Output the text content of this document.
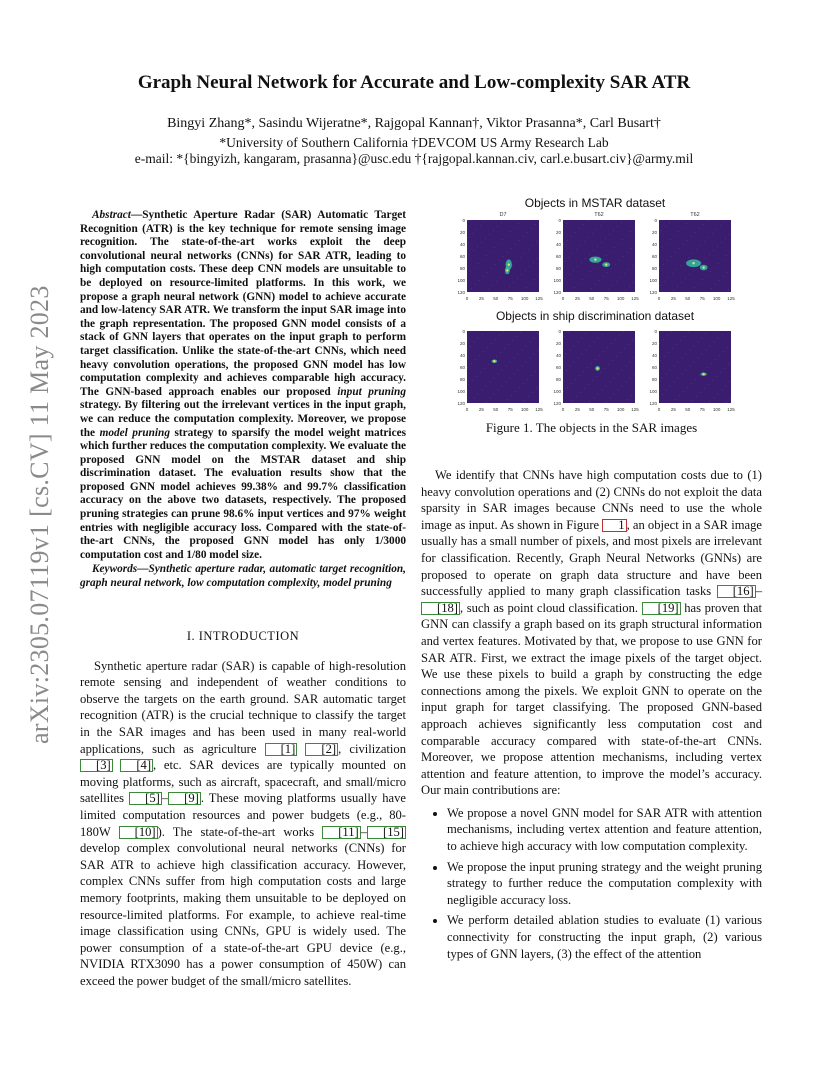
arXiv:2305.07119v1 [cs.CV] 11 May 2023
Graph Neural Network for Accurate and Low-complexity SAR ATR
Bingyi Zhang*, Sasindu Wijeratne*, Rajgopal Kannan†, Viktor Prasanna*, Carl Busart†
*University of Southern California †DEVCOM US Army Research Lab
e-mail: *{bingyizh, kangaram, prasanna}@usc.edu †{rajgopal.kannan.civ, carl.e.busart.civ}@army.mil

Abstract—Synthetic Aperture Radar (SAR) Automatic Target Recognition (ATR) is the key technique for remote sensing image recognition. The state-of-the-art works exploit the deep convolutional neural networks (CNNs) for SAR ATR, leading to high computation costs. These deep CNN models are unsuitable to be deployed on resource-limited platforms. In this work, we propose a graph neural network (GNN) model to achieve accurate and low-latency SAR ATR. We transform the input SAR image into the graph representation. The proposed GNN model consists of a stack of GNN layers that operates on the input graph to perform target classification. Unlike the state-of-the-art CNNs, which need heavy convolution operations, the proposed GNN model has low computation complexity and achieves comparable high accuracy. The GNN-based approach enables our proposed input pruning strategy. By filtering out the irrelevant vertices in the input graph, we can reduce the computation complexity. Moreover, we propose the model pruning strategy to sparsify the model weight matrices which further reduces the computation complexity. We evaluate the proposed GNN model on the MSTAR dataset and ship discrimination dataset. The evaluation results show that the proposed GNN model achieves 99.38% and 99.7% classification accuracy on the above two datasets, respectively. The proposed pruning strategies can prune 98.6% input vertices and 97% weight entries with negligible accuracy loss. Compared with the state-of-the-art CNNs, the proposed GNN model has only 1/3000 computation cost and 1/80 model size.

Keywords—Synthetic aperture radar, automatic target recognition, graph neural network, low computation complexity, model pruning

I. INTRODUCTION

Synthetic aperture radar (SAR) is capable of high-resolution remote sensing and independent of weather conditions to observe the targets on the earth ground. SAR automatic target recognition (ATR) is the crucial technique to classify the target in the SAR images and has been used in many real-world applications, such as agriculture [1] [2] , civilization [3] [4] , etc. SAR devices are typically mounted on moving platforms, such as aircraft, spacecraft, and small/micro satellites [5] – [9] . These moving platforms usually have limited computation resources and power budgets (e.g., 80-180W [10] ). The state-of-the-art works [11] – [15] develop complex convolutional neural networks (CNNs) for SAR ATR to achieve high classification accuracy. However, complex CNNs suffer from high computation costs and large memory footprints, making them unsuitable to be deployed on resource-limited platforms. For example, to achieve real-time image classification using CNNs, GPU is widely used. The power consumption of a state-of-the-art GPU device (e.g., NVIDIA RTX3090 has a power consumption of 450W) can exceed the power budget of the small/micro satellites.

Objects in MSTAR dataset
Objects in ship discrimination dataset
0
20
40
60
80
100
120
0 25 50 75 100 125
D7
0
20
40
60
80
100
120
0 25 50 75 100 125
T62
0
20
40
60
80
100
120
0 25 50 75 100 125
T62
0
20
40
60
80
100
120
0 25 50 75 100 125
0
20
40
60
80
100
120
0 25 50 75 100 125
0
20
40
60
80
100
120
0 25 50 75 100 125
Figure 1. The objects in the SAR images

We identify that CNNs have high computation costs due to (1) heavy convolution operations and (2) CNNs do not exploit the data sparsity in SAR images because CNNs need to use the whole image as input. As shown in Figure 1 , an object in a SAR image usually has a small number of pixels, and most pixels are irrelevant for classification. Recently, Graph Neural Networks (GNNs) are proposed to operate on graph data structure and have been successfully applied to many graph classification tasks [16] –[18] , such as point cloud classification. [19] has proven that GNN can classify a graph based on its graph structural information and vertex features. Motivated by that, we propose to use GNN for SAR ATR. First, we extract the image pixels of the target object. We use these pixels to build a graph by constructing the edge connections among the pixels. We exploit GNN to operate on the input graph for target classifying. The proposed GNN-based approach achieves significantly less computation cost and comparable accuracy compared with state-of-the-art CNNs. Moreover, we propose attention mechanisms, including vertex attention and feature attention, to improve the model’s accuracy. Our main contributions are:

• We propose a novel GNN model for SAR ATR with attention mechanisms, including vertex attention and feature attention, to achieve high accuracy with low computation complexity.
• We propose the input pruning strategy and the weight pruning strategy to further reduce the computation complexity with negligible accuracy loss.
• We perform detailed ablation studies to evaluate (1) various connectivity for constructing the input graph, (2) various types of GNN layers, (3) the effect of the attention
